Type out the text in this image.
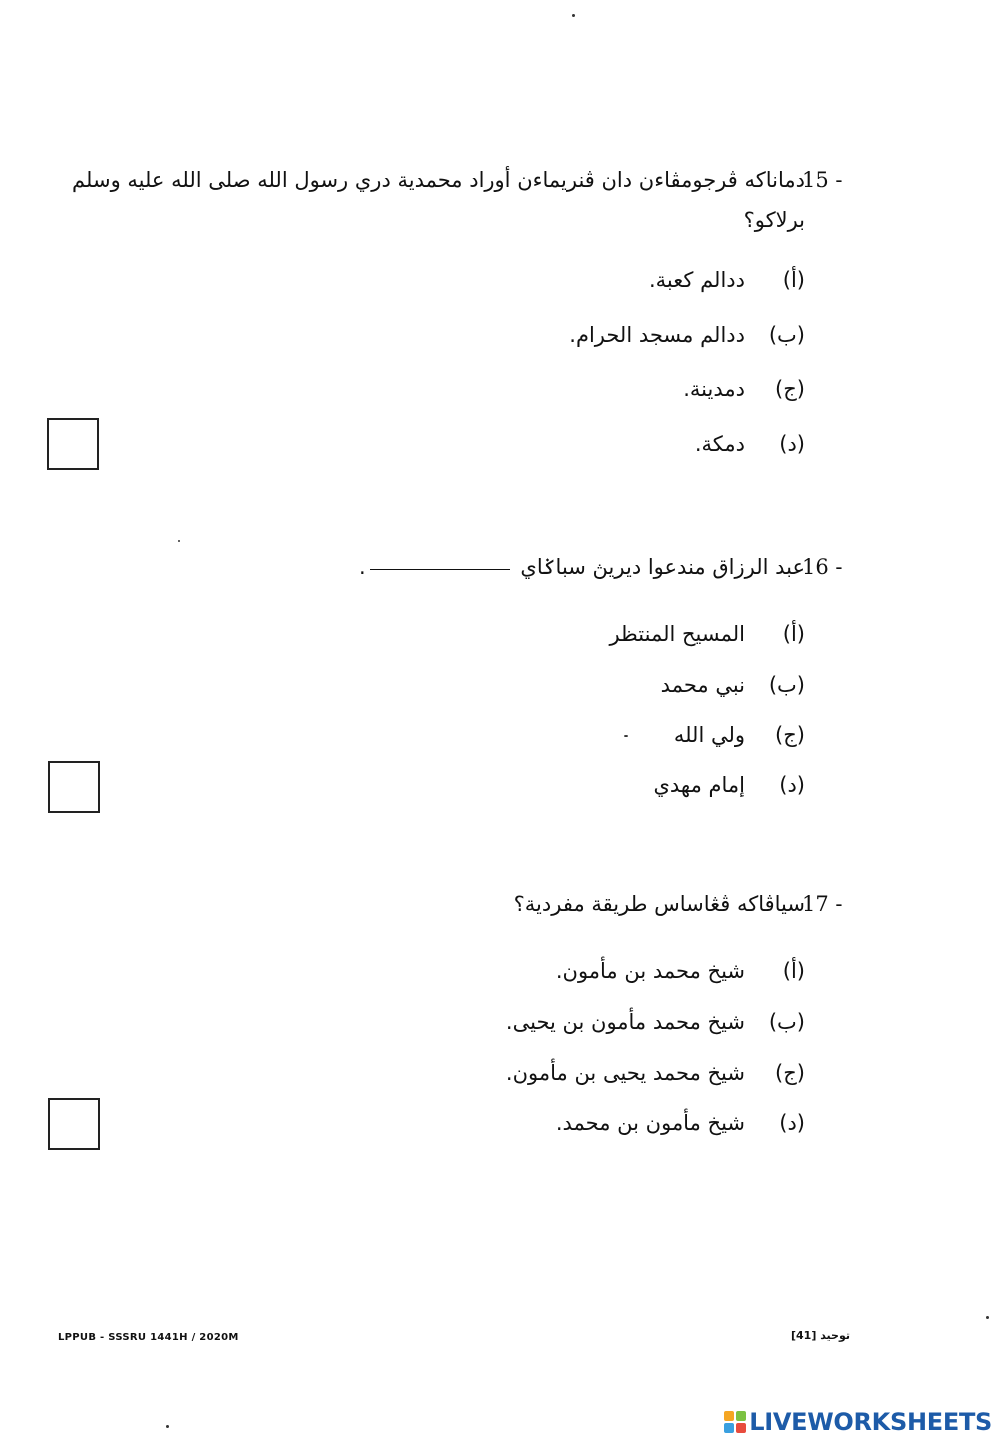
15 -
دماناكه ڤرجومڤاءن دان ڤنريماءن أوراد محمدية دري رسول الله صلى الله عليه وسلم
برلاكو؟
(أ)
ددالم كعبة.
(ب)
ددالم مسجد الحرام.
(ج)
دمدينة.
(د)
دمكة.
16 -
عبد الرزاق مندعوا ديريڽ سباݢاي .
(أ)
المسيح المنتظر
(ب)
نبي محمد
(ج)
ولي الله
(د)
إمام مهدي
17 -
سياڤاكه ڤڠاساس طريقة مفردية؟
(أ)
شيخ محمد بن مأمون.
(ب)
شيخ محمد مأمون بن يحيى.
(ج)
شيخ محمد يحيى بن مأمون.
(د)
شيخ مأمون بن محمد.
LPPUB - SSSRU 1441H / 2020M	توحيد [41]
LIVEWORKSHEETS
